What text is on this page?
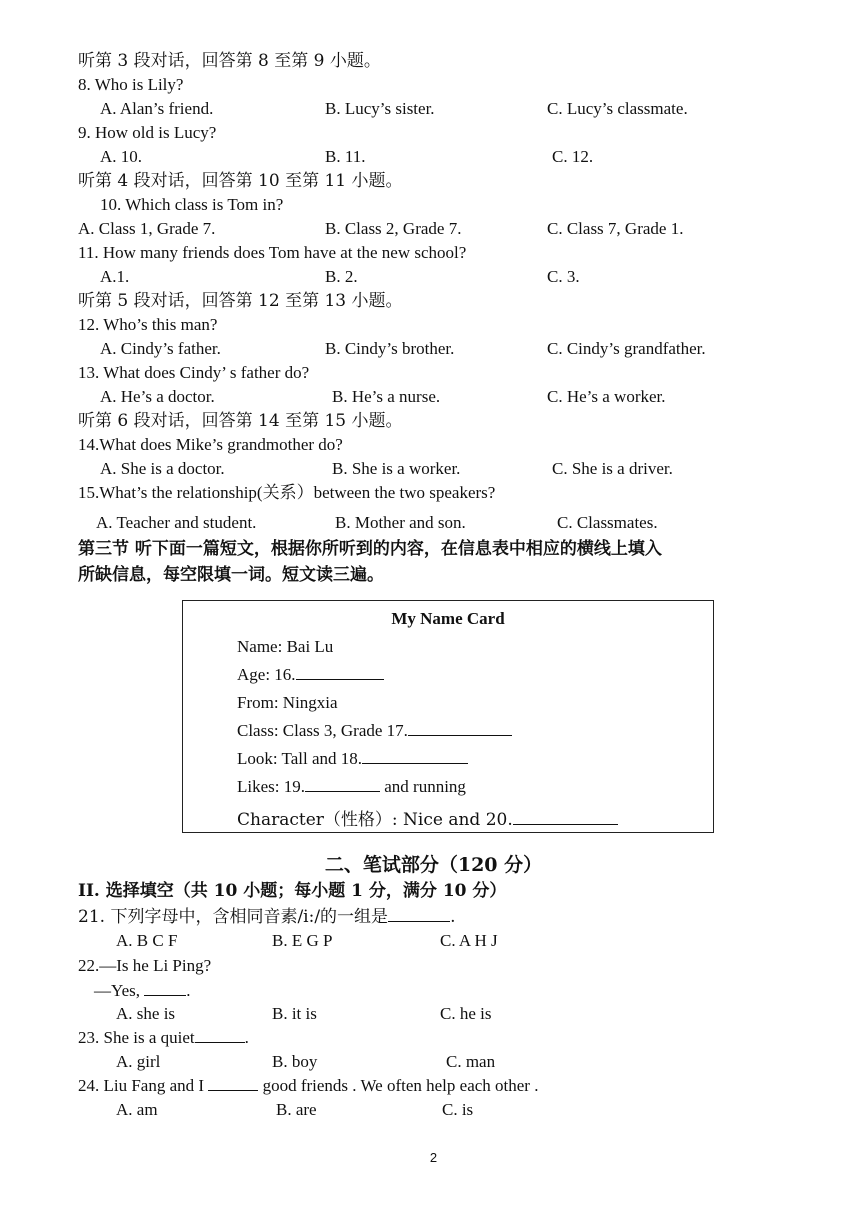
听第 3 段对话，回答第 8 至第 9 小题。
8. Who is Lily?
A. Alan’s friend.	B. Lucy’s sister.	C. Lucy’s classmate.
9. How old is Lucy?
A. 10.	B. 11.	C. 12.
听第 4 段对话，回答第 10 至第 11 小题。
10. Which class is Tom in?
A. Class 1, Grade 7.	B. Class 2, Grade 7.	C. Class 7, Grade 1.
11. How many friends does Tom have at the new school?
A.1.	B. 2.	C. 3.
听第 5 段对话，回答第 12 至第 13 小题。
12. Who’s this man?
A. Cindy’s father.	B. Cindy’s brother.	C. Cindy’s grandfather.
13. What does Cindy’ s father do?
A. He’s a doctor.	B. He’s a nurse.	C. He’s a worker.
听第 6 段对话，回答第 14 至第 15 小题。
14.What does Mike’s grandmother do?
A. She is a doctor.	B. She is a worker.	C. She is a driver.
15.What’s the relationship(关系）between the two speakers?
A. Teacher and student.	B. Mother and son.	C. Classmates.
第三节 听下面一篇短文，根据你所听到的内容，在信息表中相应的横线上填入
所缺信息，每空限填一词。短文读三遍。
My Name Card
Name: Bai Lu
Age: 16.
From: Ningxia
Class: Class 3, Grade 17.
Look: Tall and 18.
Likes: 19.	and running
Character（性格）: Nice and 20.
二、笔试部分（120 分）
II. 选择填空（共 10 小题；每小题 1 分，满分 10 分）
21. 下列字母中，含相同音素/i:/的一组是	.
A. B C F	B. E G P	C. A H J
22.—Is he Li Ping?
—Yes,	.
A. she is	B. it is	C. he is
23. She is a quiet	.
A. girl	B. boy	C. man
24. Liu Fang and I	good friends . We often help each other .
A. am	B. are	C. is
2
